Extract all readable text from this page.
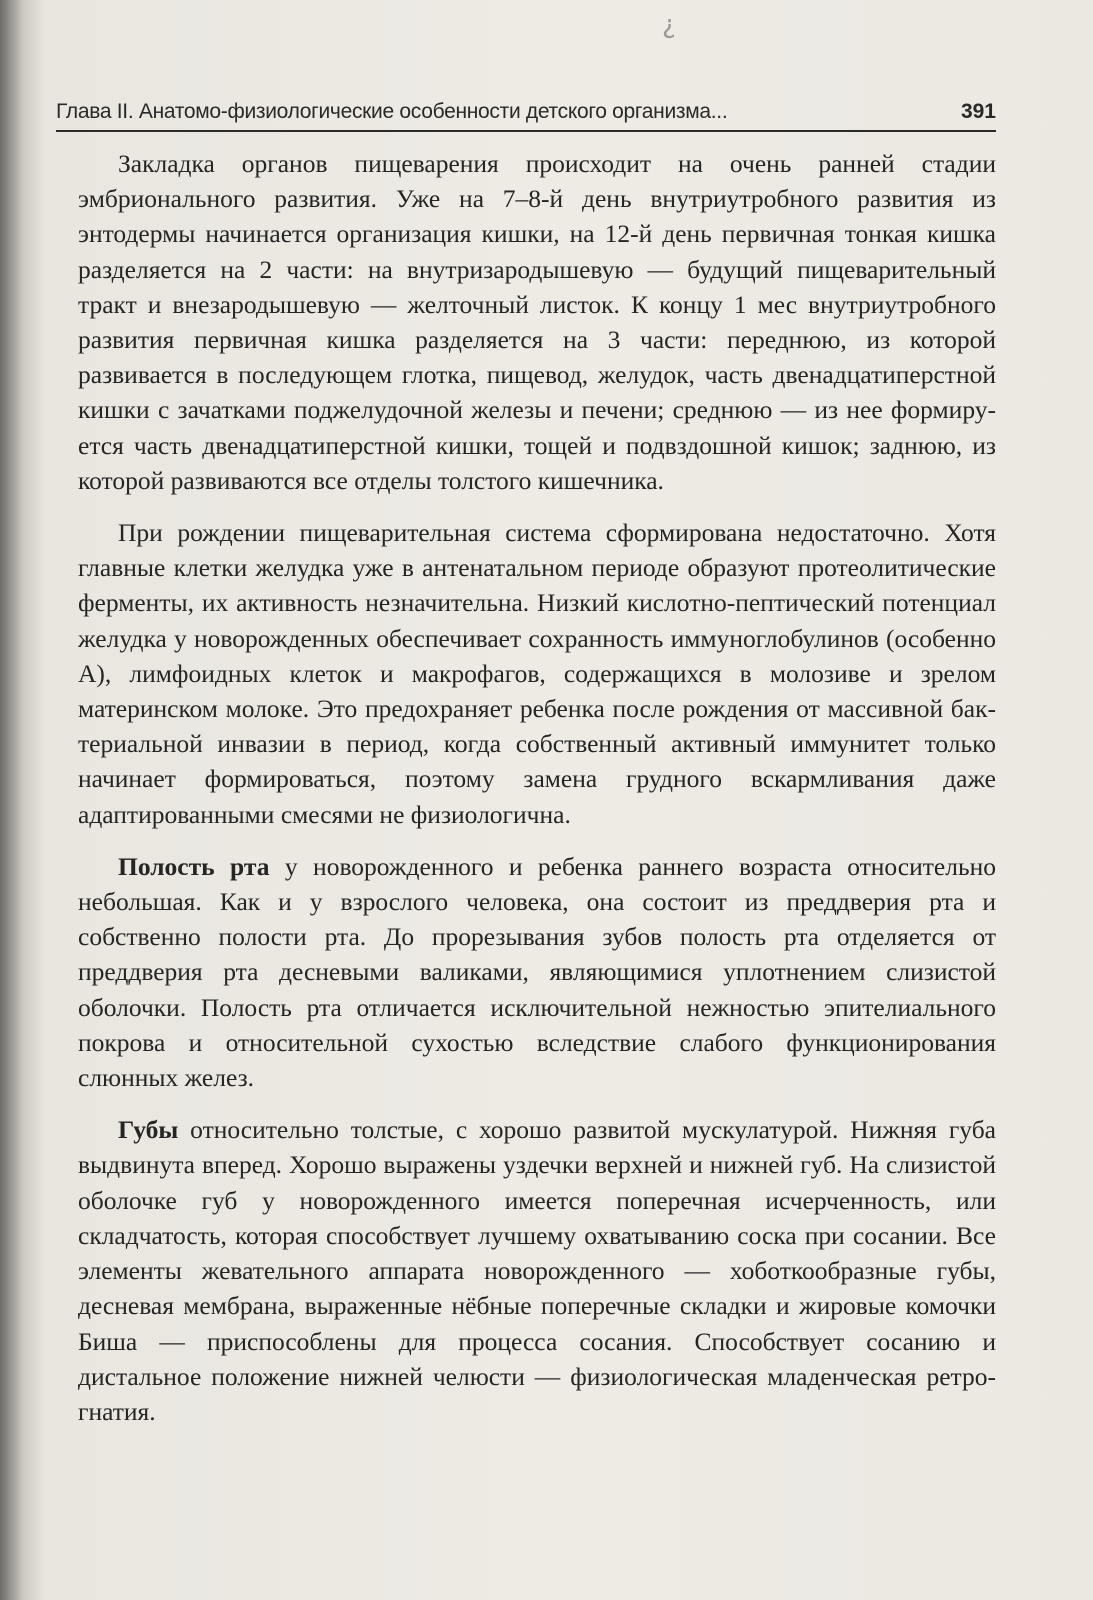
¿
Глава II. Анатомо-физиологические особенности детского организма...	391

Закладка органов пищеварения происходит на очень ранней стадии эмбрионального развития. Уже на 7–8-й день внутриутробного развития из энтодермы начинается организация кишки, на 12-й день первичная тонкая кишка разделяется на 2 части: на внутризародышевую — будущий пищеварительный тракт и внезародышевую — желточный листок. К концу 1 мес внутриутробного развития первичная кишка разделяется на 3 части: переднюю, из которой развивается в последующем глотка, пищевод, желудок, часть двенадцатиперстной кишки с зачатками поджелудочной железы и печени; среднюю — из нее формируется часть двенадцатиперстной кишки, тощей и подвздошной кишок; заднюю, из которой развиваются все отделы толстого кишечника.

При рождении пищеварительная система сформирована недостаточно. Хотя главные клетки желудка уже в антенатальном периоде образуют протеолитические ферменты, их активность незначительна. Низкий кислотно-пептический потенциал желудка у новорожденных обеспечивает сохранность иммуноглобулинов (особенно А), лимфоидных клеток и макрофагов, содержащихся в молозиве и зрелом материнском молоке. Это предохраняет ребенка после рождения от массивной бактериальной инвазии в период, когда собственный активный иммунитет только начинает формироваться, поэтому замена грудного вскармливания даже адаптированными смесями не физиологична.

Полость рта у новорожденного и ребенка раннего возраста относительно небольшая. Как и у взрослого человека, она состоит из преддверия рта и собственно полости рта. До прорезывания зубов полость рта отделяется от преддверия рта десневыми валиками, являющимися уплотнением слизистой оболочки. Полость рта отличается исключительной нежностью эпителиального покрова и относительной сухостью вследствие слабого функционирования слюнных желез.

Губы относительно толстые, с хорошо развитой мускулатурой. Нижняя губа выдвинута вперед. Хорошо выражены уздечки верхней и нижней губ. На слизистой оболочке губ у новорожденного имеется поперечная исчерченность, или складчатость, которая способствует лучшему охватыванию соска при сосании. Все элементы жевательного аппарата новорожденного — хоботкообразные губы, десневая мембрана, выраженные нёбные поперечные складки и жировые комочки Биша — приспособлены для процесса сосания. Способствует сосанию и дистальное положение нижней челюсти — физиологическая младенческая ретрогнатия.
